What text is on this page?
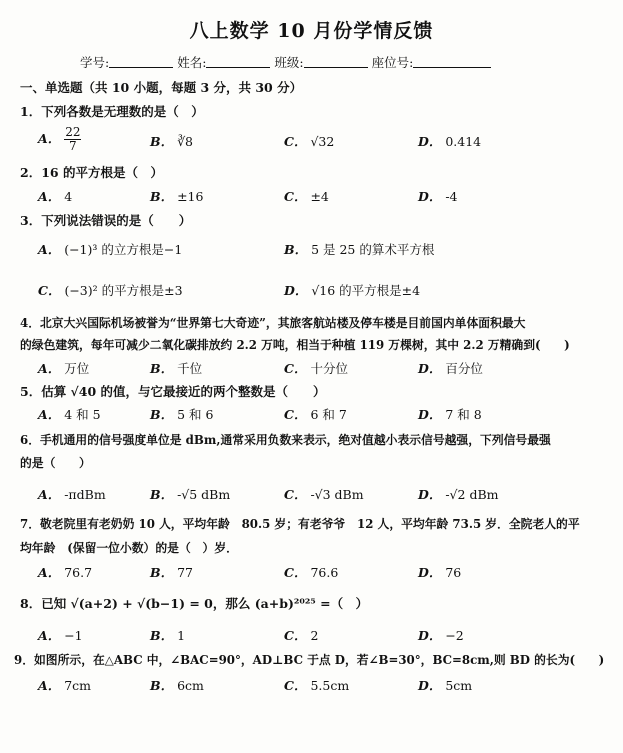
八上数学 10 月份学情反馈
学号:	姓名:	班级:	座位号:
一、单选题（共 10 小题，每题 3 分，共 30 分）
1．下列各数是无理数的是（　）
A． $\frac{22}{7}$	B． ∛8	C． √32	D． 0.414
2．16 的平方根是（　）
A． 4	B． ±16	C． ±4	D． -4
3．下列说法错误的是（　　）
A． (−1)³ 的立方根是−1	B． 5 是 25 的算术平方根
C． (−3)² 的平方根是±3	D． √16 的平方根是±4
4．北京大兴国际机场被誉为“世界第七大奇迹”，其旅客航站楼及停车楼是目前国内单体面积最大
的绿色建筑，每年可减少二氧化碳排放约 2.2 万吨，相当于种植 119 万棵树，其中 2.2 万精确到(　　)
A． 万位	B． 千位	C． 十分位	D． 百分位
5．估算 √40 的值，与它最接近的两个整数是（　　）
A． 4 和 5	B． 5 和 6	C． 6 和 7	D． 7 和 8
6．手机通用的信号强度单位是 dBm,通常采用负数来表示，绝对值越小表示信号越强，下列信号最强
的是（　　）
A． -πdBm	B． -√5 dBm	C． -√3 dBm	D． -√2 dBm
7．敬老院里有老奶奶 10 人，平均年龄　80.5 岁；有老爷爷　12 人，平均年龄 73.5 岁．全院老人的平
均年龄　(保留一位小数）的是（　）岁．
A． 76.7	B． 77	C． 76.6	D． 76
8．已知 √(a+2) + √(b−1) = 0，那么 (a+b)²⁰²⁵ =（　）
A． −1	B． 1	C． 2	D． −2
9．如图所示，在△ABC 中，∠BAC=90°，AD⊥BC 于点 D，若∠B=30°，BC=8cm,则 BD 的长为(　　)
A． 7cm	B． 6cm	C． 5.5cm	D． 5cm
